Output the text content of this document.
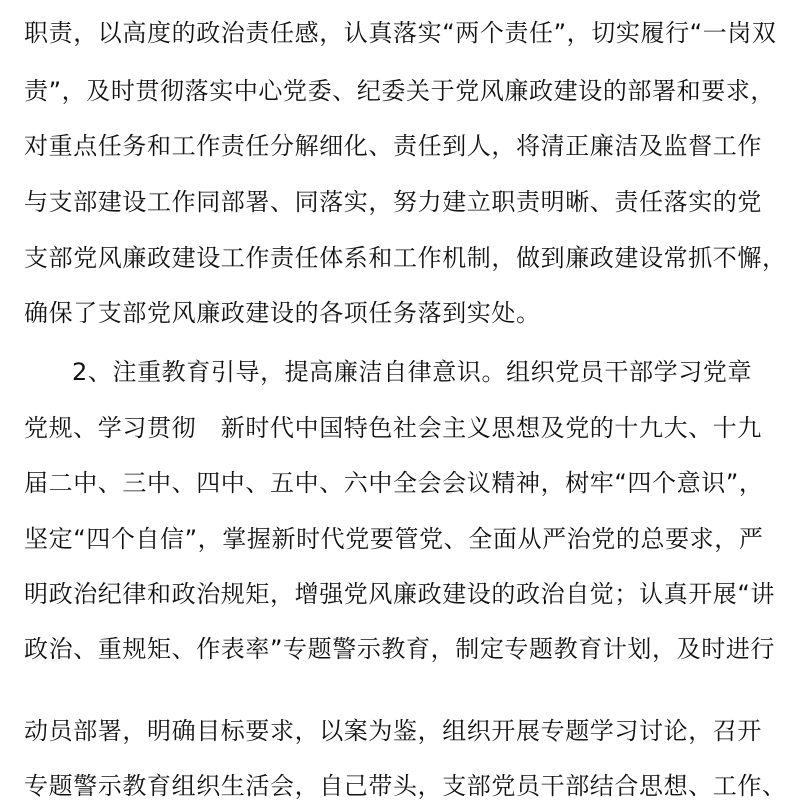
职责，以高度的政治责任感，认真落实“两个责任”，切实履行“一岗双
责”，及时贯彻落实中心党委、纪委关于党风廉政建设的部署和要求，
对重点任务和工作责任分解细化、责任到人，将清正廉洁及监督工作
与支部建设工作同部署、同落实，努力建立职责明晰、责任落实的党
支部党风廉政建设工作责任体系和工作机制，做到廉政建设常抓不懈，
确保了支部党风廉政建设的各项任务落到实处。
2、注重教育引导，提高廉洁自律意识。组织党员干部学习党章
党规、学习贯彻　新时代中国特色社会主义思想及党的十九大、十九
届二中、三中、四中、五中、六中全会会议精神，树牢“四个意识”，
坚定“四个自信”，掌握新时代党要管党、全面从严治党的总要求，严
明政治纪律和政治规矩，增强党风廉政建设的政治自觉；认真开展“讲
政治、重规矩、作表率”专题警示教育，制定专题教育计划，及时进行
动员部署，明确目标要求，以案为鉴，组织开展专题学习讨论，召开
专题警示教育组织生活会，自己带头，支部党员干部结合思想、工作、
